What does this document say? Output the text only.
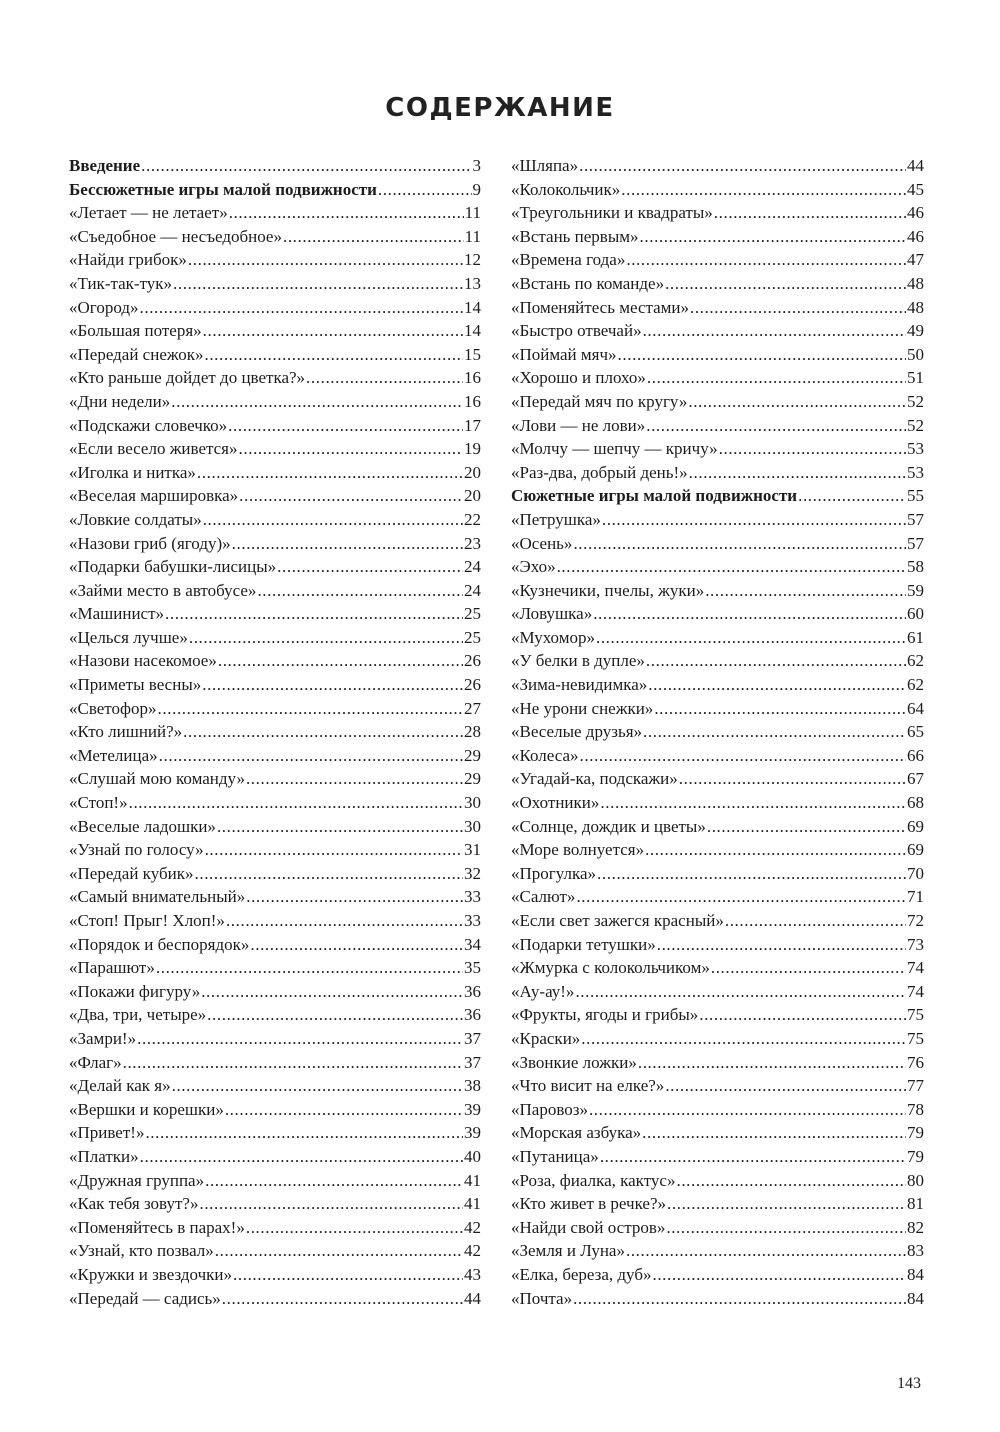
СОДЕРЖАНИЕ
Введение .....	3
Бессюжетные игры малой подвижности .....	9
«Летает — не летает» .....	11
«Съедобное — несъедобное» .....	11
«Найди грибок» .....	12
«Тик-так-тук» .....	13
«Огород» .....	14
«Большая потеря» .....	14
«Передай снежок» .....	15
«Кто раньше дойдет до цветка?» .....	16
«Дни недели» .....	16
«Подскажи словечко» .....	17
«Если весело живется» .....	19
«Иголка и нитка» .....	20
«Веселая маршировка» .....	20
«Ловкие солдаты» .....	22
«Назови гриб (ягоду)» .....	23
«Подарки бабушки-лисицы» .....	24
«Займи место в автобусе» .....	24
«Машинист» .....	25
«Целься лучше» .....	25
«Назови насекомое» .....	26
«Приметы весны» .....	26
«Светофор» .....	27
«Кто лишний?» .....	28
«Метелица» .....	29
«Слушай мою команду» .....	29
«Стоп!» .....	30
«Веселые ладошки» .....	30
«Узнай по голосу» .....	31
«Передай кубик» .....	32
«Самый внимательный» .....	33
«Стоп! Прыг! Хлоп!» .....	33
«Порядок и беспорядок» .....	34
«Парашют» .....	35
«Покажи фигуру» .....	36
«Два, три, четыре» .....	36
«Замри!» .....	37
«Флаг» .....	37
«Делай как я» .....	38
«Вершки и корешки» .....	39
«Привет!» .....	39
«Платки» .....	40
«Дружная группа» .....	41
«Как тебя зовут?» .....	41
«Поменяйтесь в парах!» .....	42
«Узнай, кто позвал» .....	42
«Кружки и звездочки» .....	43
«Передай — садись» .....	44
«Шляпа» .....	44
«Колокольчик» .....	45
«Треугольники и квадраты» .....	46
«Встань первым» .....	46
«Времена года» .....	47
«Встань по команде» .....	48
«Поменяйтесь местами» .....	48
«Быстро отвечай» .....	49
«Поймай мяч» .....	50
«Хорошо и плохо» .....	51
«Передай мяч по кругу» .....	52
«Лови — не лови» .....	52
«Молчу — шепчу — кричу» .....	53
«Раз-два, добрый день!» .....	53
Сюжетные игры малой подвижности .....	55
«Петрушка» .....	57
«Осень» .....	57
«Эхо» .....	58
«Кузнечики, пчелы, жуки» .....	59
«Ловушка» .....	60
«Мухомор» .....	61
«У белки в дупле» .....	62
«Зима-невидимка» .....	62
«Не урони снежки» .....	64
«Веселые друзья» .....	65
«Колеса» .....	66
«Угадай-ка, подскажи» .....	67
«Охотники» .....	68
«Солнце, дождик и цветы» .....	69
«Море волнуется» .....	69
«Прогулка» .....	70
«Салют» .....	71
«Если свет зажегся красный» .....	72
«Подарки тетушки» .....	73
«Жмурка с колокольчиком» .....	74
«Ау-ау!» .....	74
«Фрукты, ягоды и грибы» .....	75
«Краски» .....	75
«Звонкие ложки» .....	76
«Что висит на елке?» .....	77
«Паровоз» .....	78
«Морская азбука» .....	79
«Путаница» .....	79
«Роза, фиалка, кактус» .....	80
«Кто живет в речке?» .....	81
«Найди свой остров» .....	82
«Земля и Луна» .....	83
«Елка, береза, дуб» .....	84
«Почта» .....	84
143
